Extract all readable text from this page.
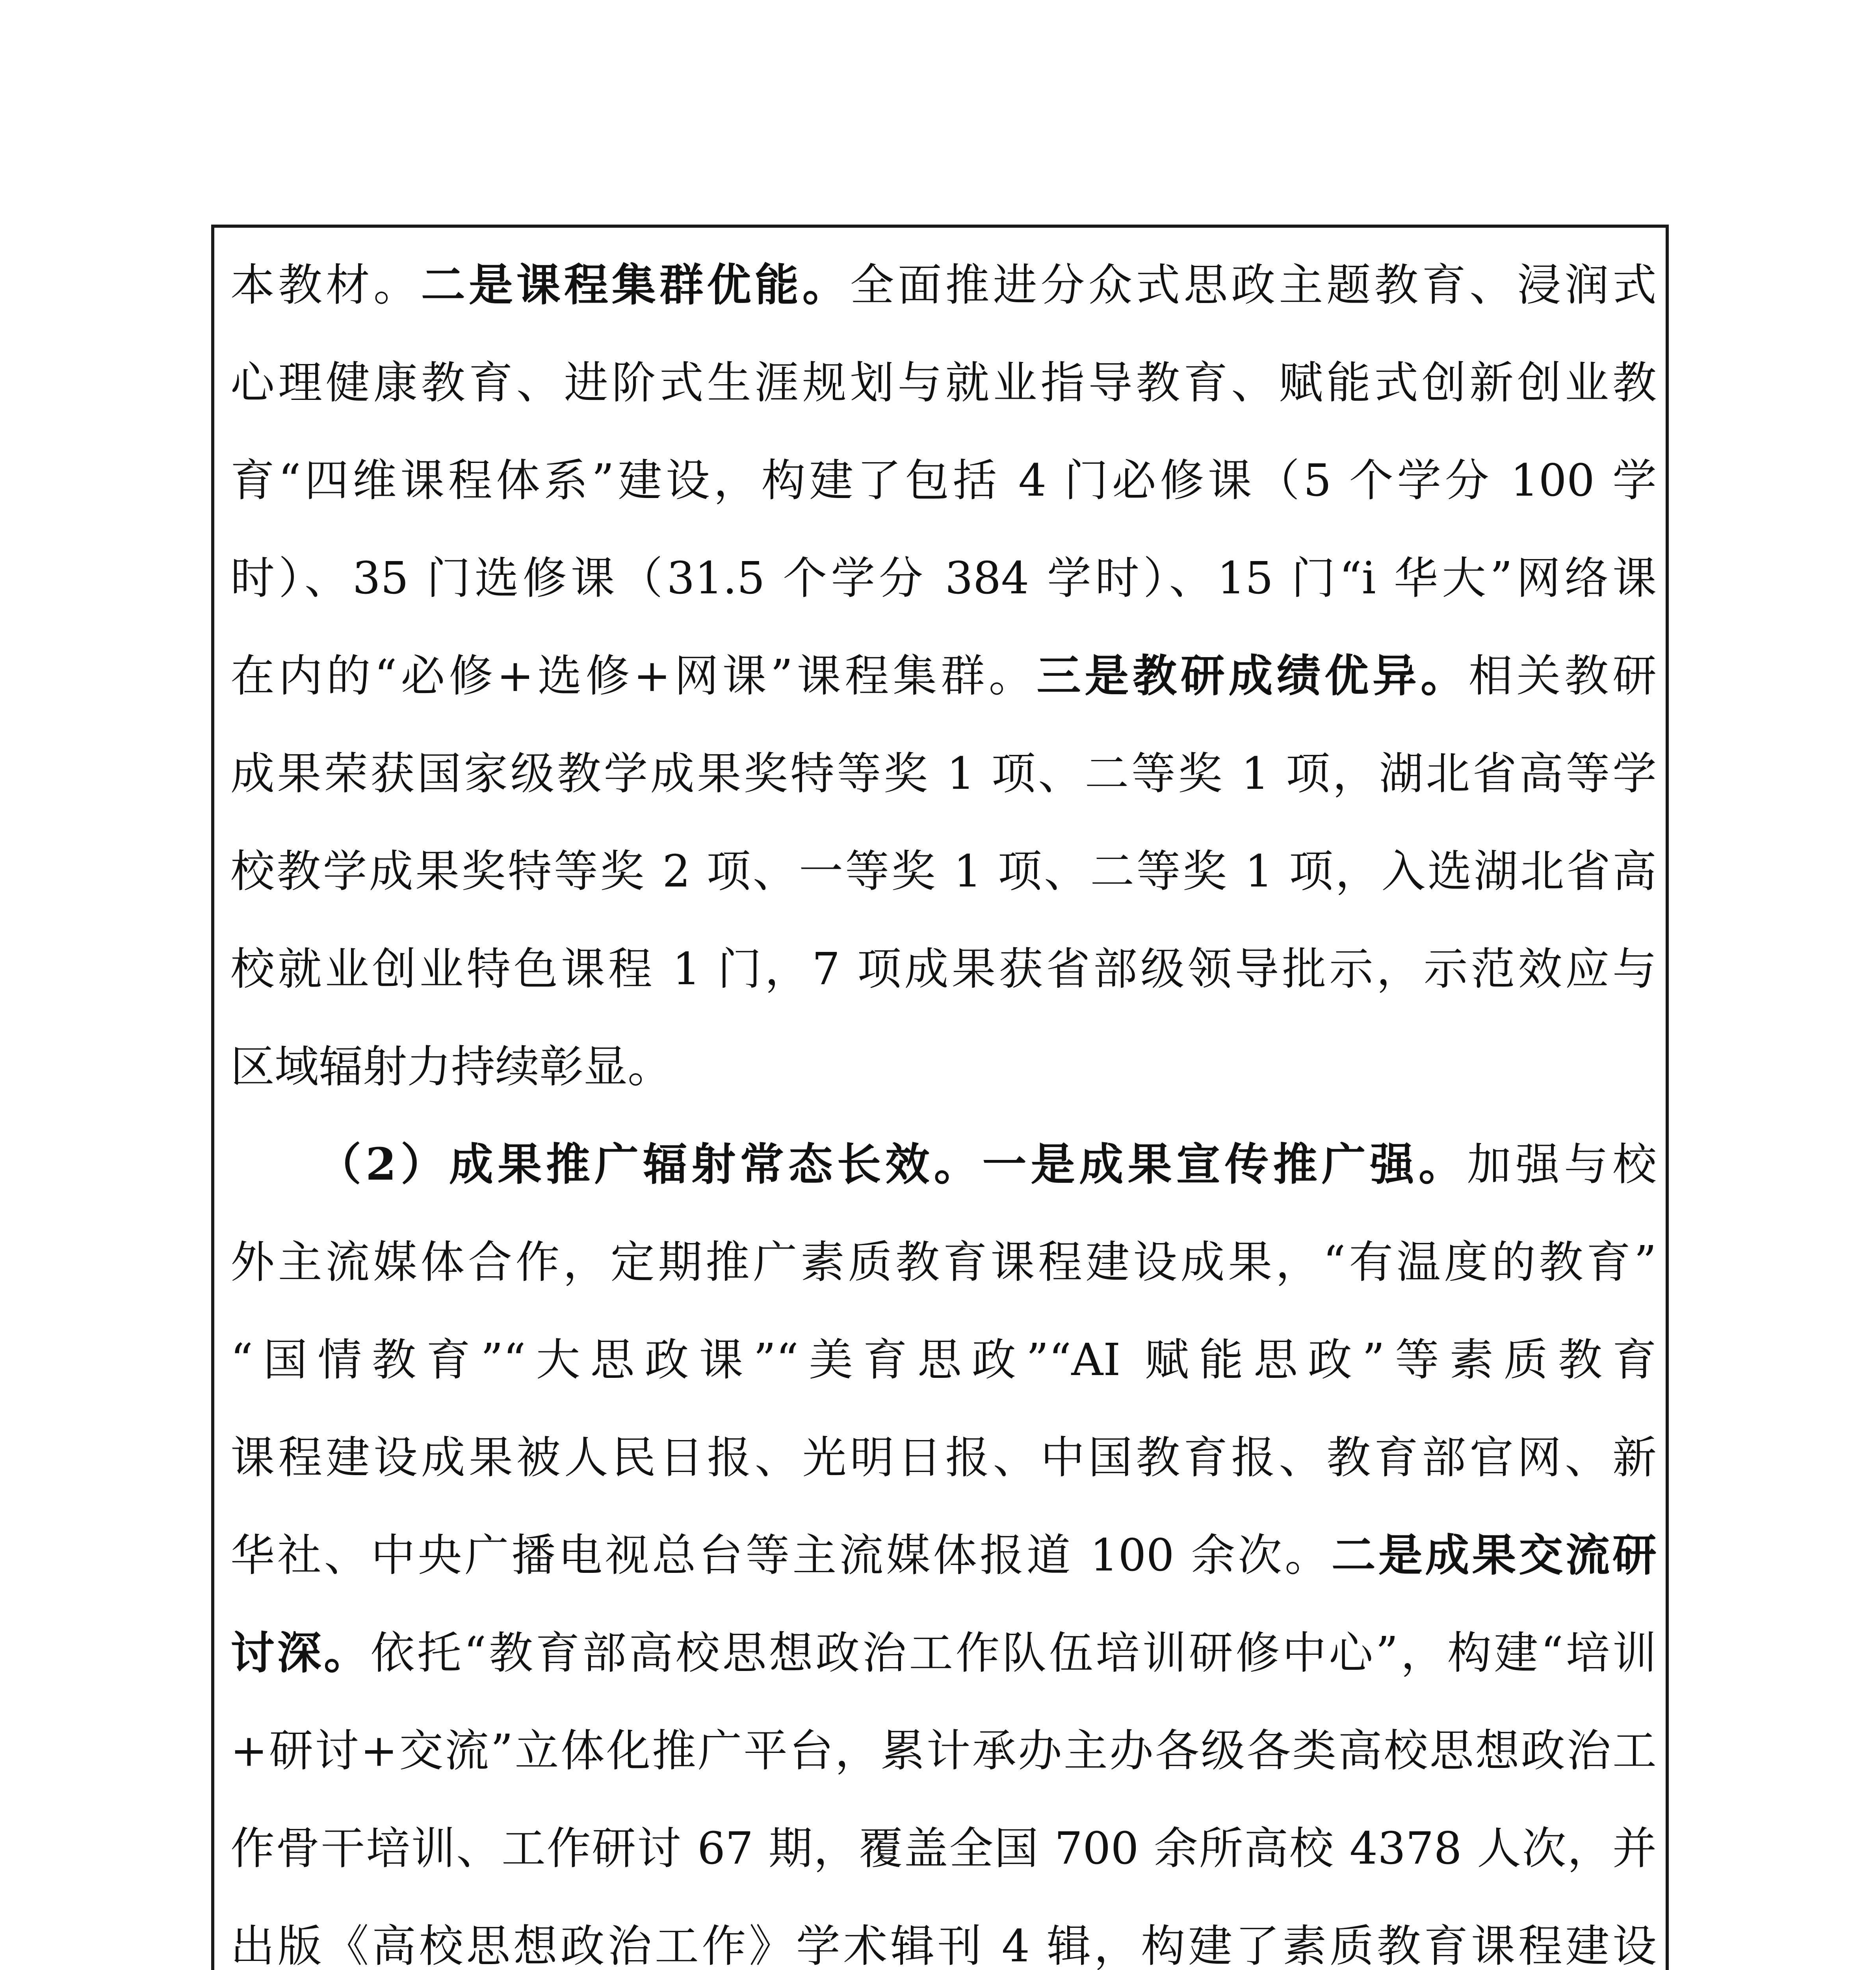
本教材。二是课程集群优能。全面推进分众式思政主题教育、浸润式
心理健康教育、进阶式生涯规划与就业指导教育、赋能式创新创业教
育“四维课程体系”建设，构建了包括 4 门必修课（5 个学分 100 学
时）、35 门选修课（31.5 个学分 384 学时）、15 门“i 华大”网络课
在内的“必修+选修+网课”课程集群。三是教研成绩优异。相关教研
成果荣获国家级教学成果奖特等奖 1 项、二等奖 1 项，湖北省高等学
校教学成果奖特等奖 2 项、一等奖 1 项、二等奖 1 项，入选湖北省高
校就业创业特色课程 1 门，7 项成果获省部级领导批示，示范效应与
区域辐射力持续彰显。
（2）成果推广辐射常态长效。一是成果宣传推广强。加强与校
外主流媒体合作，定期推广素质教育课程建设成果，“有温度的教育”
“国情教育”“大思政课”“美育思政”“AI 赋能思政”等素质教育
课程建设成果被人民日报、光明日报、中国教育报、教育部官网、新
华社、中央广播电视总台等主流媒体报道 100 余次。二是成果交流研
讨深。依托“教育部高校思想政治工作队伍培训研修中心”，构建“培训
+研讨+交流”立体化推广平台，累计承办主办各级各类高校思想政治工
作骨干培训、工作研讨 67 期，覆盖全国 700 余所高校 4378 人次，并
出版《高校思想政治工作》学术辑刊 4 辑，构建了素质教育课程建设
